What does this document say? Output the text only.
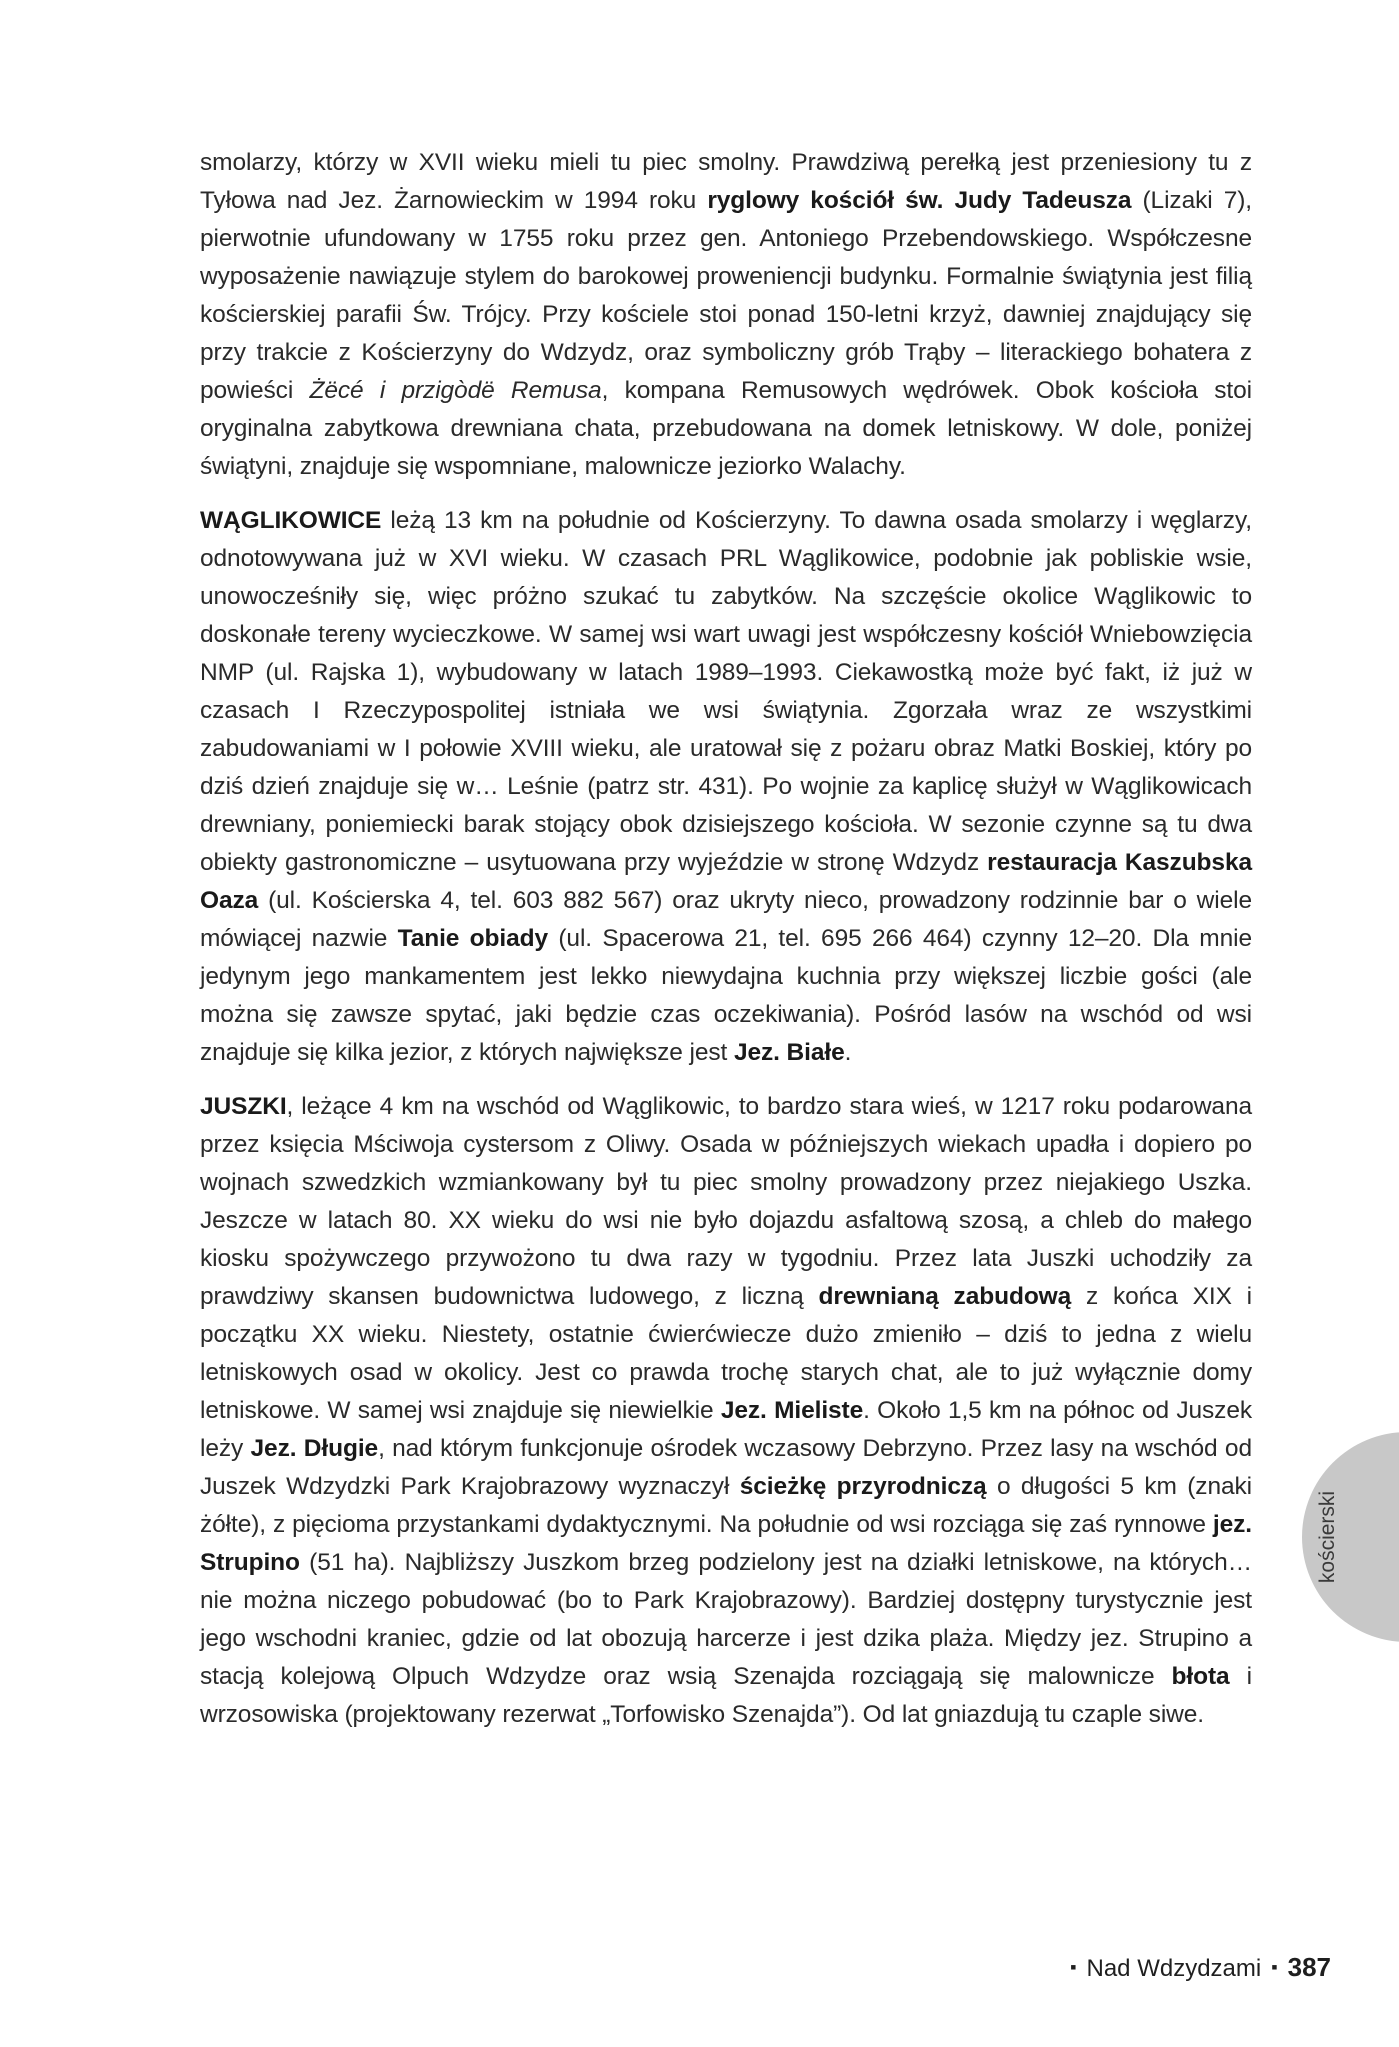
smolarzy, którzy w XVII wieku mieli tu piec smolny. Prawdziwą perełką jest przeniesiony tu z Tyłowa nad Jez. Żarnowieckim w 1994 roku ryglowy kościół św. Judy Tadeusza (Lizaki 7), pierwotnie ufundowany w 1755 roku przez gen. Antoniego Przebendowskiego. Współczesne wyposażenie nawiązuje stylem do barokowej proweniencji budynku. Formalnie świątynia jest filią kościerskiej parafii Św. Trójcy. Przy kościele stoi ponad 150-letni krzyż, dawniej znajdujący się przy trakcie z Kościerzyny do Wdzydz, oraz symboliczny grób Trąby – literackiego bohatera z powieści Żëcé i przigòdë Remusa, kompana Remusowych wędrówek. Obok kościoła stoi oryginalna zabytkowa drewniana chata, przebudowana na domek letniskowy. W dole, poniżej świątyni, znajduje się wspomniane, malownicze jeziorko Walachy.

WĄGLIKOWICE leżą 13 km na południe od Kościerzyny. To dawna osada smolarzy i węglarzy, odnotowywana już w XVI wieku. W czasach PRL Wąglikowice, podobnie jak pobliskie wsie, unowocześniły się, więc próżno szukać tu zabytków. Na szczęście okolice Wąglikowic to doskonałe tereny wycieczkowe. W samej wsi wart uwagi jest współczesny kościół Wniebowzięcia NMP (ul. Rajska 1), wybudowany w latach 1989–1993. Ciekawostką może być fakt, iż już w czasach I Rzeczypospolitej istniała we wsi świątynia. Zgorzała wraz ze wszystkimi zabudowaniami w I połowie XVIII wieku, ale uratował się z pożaru obraz Matki Boskiej, który po dziś dzień znajduje się w… Leśnie (patrz str. 431). Po wojnie za kaplicę służył w Wąglikowicach drewniany, poniemiecki barak stojący obok dzisiejszego kościoła. W sezonie czynne są tu dwa obiekty gastronomiczne – usytuowana przy wyjeździe w stronę Wdzydz restauracja Kaszubska Oaza (ul. Kościerska 4, tel. 603 882 567) oraz ukryty nieco, prowadzony rodzinnie bar o wiele mówiącej nazwie Tanie obiady (ul. Spacerowa 21, tel. 695 266 464) czynny 12–20. Dla mnie jedynym jego mankamentem jest lekko niewydajna kuchnia przy większej liczbie gości (ale można się zawsze spytać, jaki będzie czas oczekiwania). Pośród lasów na wschód od wsi znajduje się kilka jezior, z których największe jest Jez. Białe.

JUSZKI, leżące 4 km na wschód od Wąglikowic, to bardzo stara wieś, w 1217 roku podarowana przez księcia Mściwoja cystersom z Oliwy. Osada w późniejszych wiekach upadła i dopiero po wojnach szwedzkich wzmiankowany był tu piec smolny prowadzony przez niejakiego Uszka. Jeszcze w latach 80. XX wieku do wsi nie było dojazdu asfaltową szosą, a chleb do małego kiosku spożywczego przywożono tu dwa razy w tygodniu. Przez lata Juszki uchodziły za prawdziwy skansen budownictwa ludowego, z liczną drewnianą zabudową z końca XIX i początku XX wieku. Niestety, ostatnie ćwierćwiecze dużo zmieniło – dziś to jedna z wielu letniskowych osad w okolicy. Jest co prawda trochę starych chat, ale to już wyłącznie domy letniskowe. W samej wsi znajduje się niewielkie Jez. Mieliste. Około 1,5 km na północ od Juszek leży Jez. Długie, nad którym funkcjonuje ośrodek wczasowy Debrzyno. Przez lasy na wschód od Juszek Wdzydzki Park Krajobrazowy wyznaczył ścieżkę przyrodniczą o długości 5 km (znaki żółte), z pięcioma przystankami dydaktycznymi. Na południe od wsi rozciąga się zaś rynnowe jez. Strupino (51 ha). Najbliższy Juszkom brzeg podzielony jest na działki letniskowe, na których… nie można niczego pobudować (bo to Park Krajobrazowy). Bardziej dostępny turystycznie jest jego wschodni kraniec, gdzie od lat obozują harcerze i jest dzika plaża. Między jez. Strupino a stacją kolejową Olpuch Wdzydze oraz wsią Szenajda rozciągają się malownicze błota i wrzosowiska (projektowany rezerwat „Torfowisko Szenajda”). Od lat gniazdują tu czaple siwe.

kościerski
▪ Nad Wdzydzami ▪ 387
